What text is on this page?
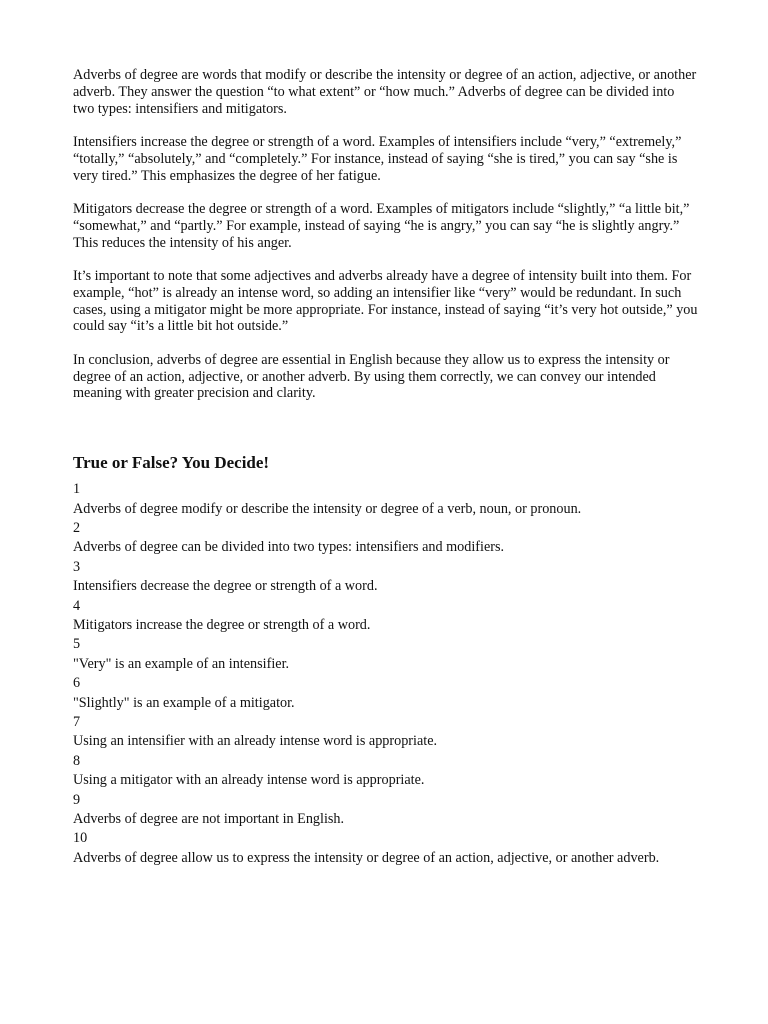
Adverbs of degree are words that modify or describe the intensity or degree of an action, adjective, or another adverb. They answer the question “to what extent” or “how much.” Adverbs of degree can be divided into two types: intensifiers and mitigators.

Intensifiers increase the degree or strength of a word. Examples of intensifiers include “very,” “extremely,” “totally,” “absolutely,” and “completely.” For instance, instead of saying “she is tired,” you can say “she is very tired.” This emphasizes the degree of her fatigue.

Mitigators decrease the degree or strength of a word. Examples of mitigators include “slightly,” “a little bit,” “somewhat,” and “partly.” For example, instead of saying “he is angry,” you can say “he is slightly angry.” This reduces the intensity of his anger.

It’s important to note that some adjectives and adverbs already have a degree of intensity built into them. For example, “hot” is already an intense word, so adding an intensifier like “very” would be redundant. In such cases, using a mitigator might be more appropriate. For instance, instead of saying “it’s very hot outside,” you could say “it’s a little bit hot outside.”

In conclusion, adverbs of degree are essential in English because they allow us to express the intensity or degree of an action, adjective, or another adverb. By using them correctly, we can convey our intended meaning with greater precision and clarity.

True or False? You Decide!
1
Adverbs of degree modify or describe the intensity or degree of a verb, noun, or pronoun.
2
Adverbs of degree can be divided into two types: intensifiers and modifiers.
3
Intensifiers decrease the degree or strength of a word.
4
Mitigators increase the degree or strength of a word.
5
"Very" is an example of an intensifier.
6
"Slightly" is an example of a mitigator.
7
Using an intensifier with an already intense word is appropriate.
8
Using a mitigator with an already intense word is appropriate.
9
Adverbs of degree are not important in English.
10
Adverbs of degree allow us to express the intensity or degree of an action, adjective, or another adverb.
